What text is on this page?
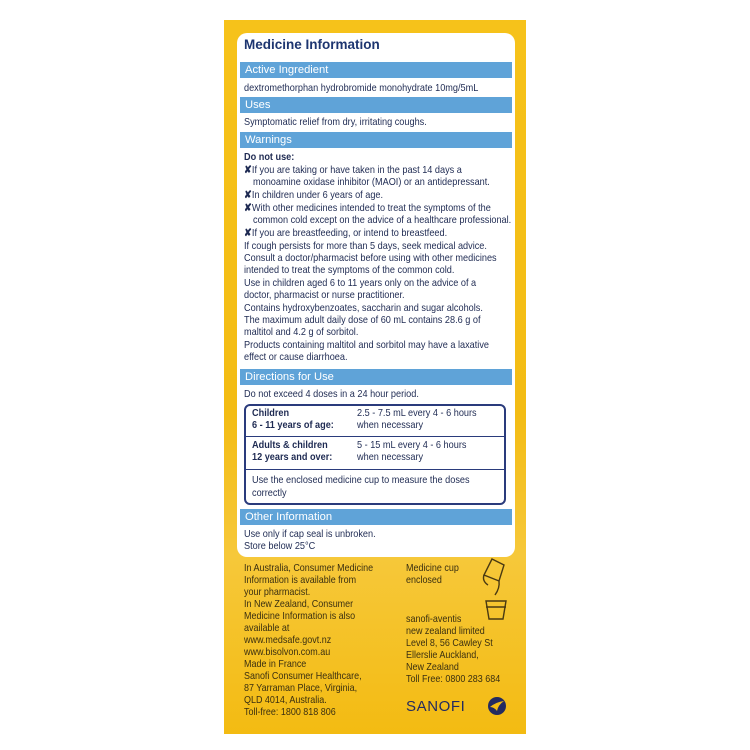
Medicine Information
Active Ingredient
dextromethorphan hydrobromide monohydrate 10mg/5mL
Uses
Symptomatic relief from dry, irritating coughs.
Warnings
Do not use:
✘If you are taking or have taken in the past 14 days a
monoamine oxidase inhibitor (MAOI) or an antidepressant.
✘In children under 6 years of age.
✘With other medicines intended to treat the symptoms of the
common cold except on the advice of a healthcare professional.
✘If you are breastfeeding, or intend to breastfeed.
If cough persists for more than 5 days, seek medical advice.
Consult a doctor/pharmacist before using with other medicines
intended to treat the symptoms of the common cold.
Use in children aged 6 to 11 years only on the advice of a
doctor, pharmacist or nurse practitioner.
Contains hydroxybenzoates, saccharin and sugar alcohols.
The maximum adult daily dose of 60 mL contains 28.6 g of
maltitol and 4.2 g of sorbitol.
Products containing maltitol and sorbitol may have a laxative
effect or cause diarrhoea.
Directions for Use
Do not exceed 4 doses in a 24 hour period.
Children
6 - 11 years of age:
2.5 - 7.5 mL every 4 - 6 hours
when necessary
Adults & children
12 years and over:
5 - 15 mL every 4 - 6 hours
when necessary
Use the enclosed medicine cup to measure the doses
correctly
Other Information
Use only if cap seal is unbroken.
Store below 25°C
In Australia, Consumer Medicine
Information is available from
your pharmacist.
In New Zealand, Consumer
Medicine Information is also
available at
www.medsafe.govt.nz
www.bisolvon.com.au
Made in France
Sanofi Consumer Healthcare,
87 Yarraman Place, Virginia,
QLD 4014, Australia.
Toll-free: 1800 818 806
Medicine cup
enclosed
sanofi-aventis
new zealand limited
Level 8, 56 Cawley St
Ellerslie Auckland,
New Zealand
Toll Free: 0800 283 684
SANOFI
